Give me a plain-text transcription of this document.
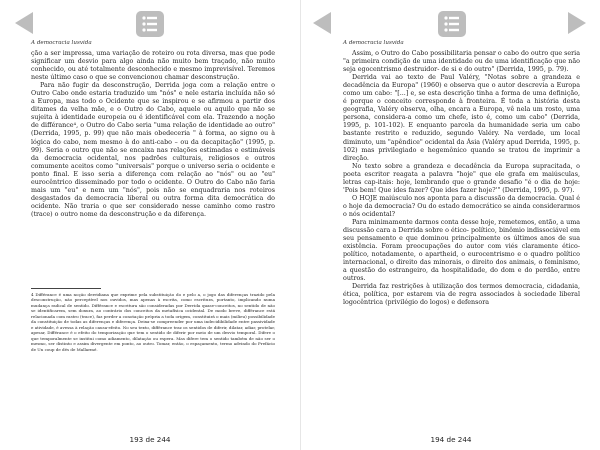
A democracia lusvida

ção a ser impressa, uma variação de roteiro ou rota diversa, mas que pode significar um desvio para algo ainda não muito bem traçado, não muito conhecido, ou até totalmente desconhecido e mesmo imprevisível. Teremos neste último caso o que se convencionou chamar desconstrução.

Para não fugir da desconstrução, Derrida joga com a relação entre o Outro Cabo onde estaria traduzido um "nós" e nele estaria incluída não só a Europa, mas todo o Ocidente que se inspirou e se afirmou a partir dos ditames da velha mãe, e o Outro do Cabo, aquele ou aquilo que não se sujeita à identidade europeia ou é identificável com ela. Trazendo a noção de différance⁴, o Outro do Cabo seria "uma relação de identidade ao outro" (Derrida, 1995, p. 99) que não mais obedeceria " à forma, ao signo ou à lógica do cabo, nem mesmo à do anti-cabo – ou da decapitação" (1995, p. 99). Seria o outro que não se encaixa nas relações estimadas e estimáveis da democracia ocidental, nos padrões culturais, religiosos e outros comumente aceitos como "universais" porque o universo seria o ocidente e ponto final. E isso seria a diferença com relação ao "nós" ou ao "eu" eurocêntrico disseminado por todo o ocidente. O Outro do Cabo não faria mais um "eu" e nem um "nós", pois não se enquadraria nos roteiros desgastados da democracia liberal ou outra forma dita democrática do ocidente. Não traria o que ser considerado nesse caminho como rastro (trace) o outro nome da desconstrução e da diferença.

4 Différance é uma noção derridiana que exprime pela substituição do e pelo a, o jogo das diferenças trazido pela desconstrução, não perceptível nos ouvidos, mas apenas à escrita, como escritura, portanto, implicando numa mudança radical de sentido. Différance e escritura são consideradas por Derrida quase-conceitos, no sentido de não se identificarem, sem doxura, ao contrário dos conceitos da metafísica ocidental. De modo breve, différance está relacionada com rastro (trace), faz perder a conotação própria a toda origem, constituirá o mais (milieu) possibilidade da constituição de todas as diferenças e diferença. Deixa-se compreender por uma indecidibilidade entre passividade e atividade, é avessa à relação causa-efeito. No seu texto, différance traz os sentidos de diferir, dilatar, adiar, protelar, apesar, Différance é o efeito do temporização que tem o sentido de diferir por meio de um desvio temporal. Difere o que temporalmente se institui como adiamento, dilatação ou espera. Mas difere tem o sentido também de não ser o mesmo, ser distinto e assim divergente em ponto, ao outro. Tomar, então, o espaçamento, termo advindo do Prefácio de Un coup de dés de Mallarmé.
193 de 244
A democracia lusvida

Assim, o Outro do Cabo possibilitaria pensar o cabo do outro que seria "a primeira condição de uma identidade ou de uma identificação que não seja egocentrismo destruidor- de si e do outro" (Derrida, 1995, p. 79).

Derrida vai ao texto de Paul Valéry, "Notas sobre a grandeza e decadência da Europa" (1960) e observa que o autor descrevia a Europa como um cabo: "[...] e, se esta descrição tinha a forma de uma definição, é porque o conceito corresponde à fronteira. É toda a história desta geografia, Valéry observa, olha, encara a Europa, vê nela um rosto, uma persona, considera-a como um chefe, isto é, como um cabo" (Derrida, 1995, p. 101-102). E enquanto parcela da humanidade seria um cabo bastante restrito e reduzido, segundo Valéry. Na verdade, um local diminuto, um "apêndice" ocidental da Ásia (Valéry apud Derrida, 1995, p. 102) mas privilegiado e hegemônico quando se tratou de imprimir a direção.

No texto sobre a grandeza e decadência da Europa supracitada, o poeta escritor reagata a palavra "hoje" que ele grafa em maiúsculas, letras cap-itais: hoje, lembrando que o grande desafio "é o dia de hoje: 'Pois bem! Que ides fazer? Que ides fazer hoje?'" (Derrida, 1995, p. 97).

O HOJE maiúsculo nos aponta para a discussão da democracia. Qual é o hoje da democracia? Ou do estado democrático se ainda considerarmos o nós ocidental?

Para minimamente darmos conta desse hoje, remetemos, então, a uma discussão cara a Derrida sobre o ético- político, binômio indissociável em seu pensamento e que dominou principalmente os últimos anos de sua existência. Foram preocupações do autor com viés claramente ético-político, notadamente, o apartheid, o eurocentrismo e o quadro político internacional, o direito das minorais, o direito dos animais, o feminismo, a questão do estrangeiro, da hospitalidade, do dom e do perdão, entre outros.

Derrida faz restrições à utilização dos termos democracia, cidadania, ética, política, por estarem via de regra associados à sociedade liberal logocêntrica (privilégio do logos) e defensora

194 de 244
